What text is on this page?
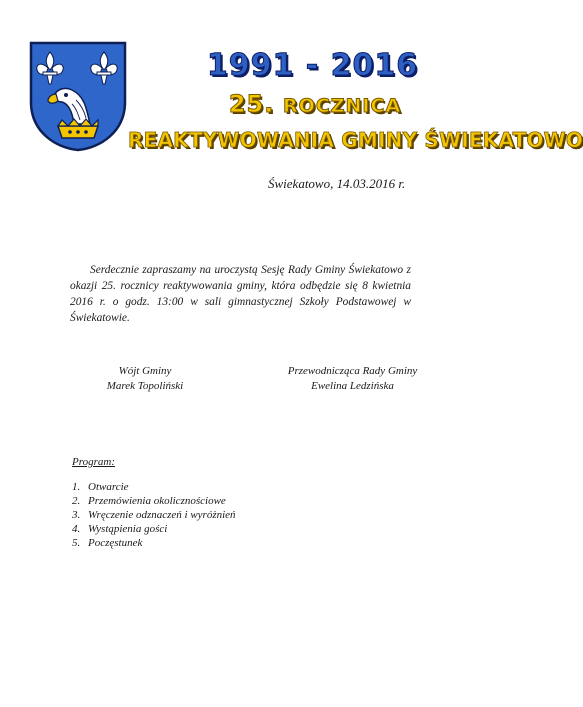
1991 - 2016
25. ROCZNICA
REAKTYWOWANIA GMINY ŚWIEKATOWO
Świekatowo, 14.03.2016 r.

Serdecznie zapraszamy na uroczystą Sesję Rady Gminy Świekatowo z okazji 25. rocznicy reaktywowania gminy, która odbędzie się 8 kwietnia 2016 r. o godz. 13:00 w sali gimnastycznej Szkoły Podstawowej w Świekatowie.

Wójt Gminy
Marek Topoliński
Przewodnicząca Rady Gminy
Ewelina Ledzińska
Program:
1. Otwarcie
2. Przemówienia okolicznościowe
3. Wręczenie odznaczeń i wyróżnień
4. Wystąpienia gości
5. Poczęstunek
